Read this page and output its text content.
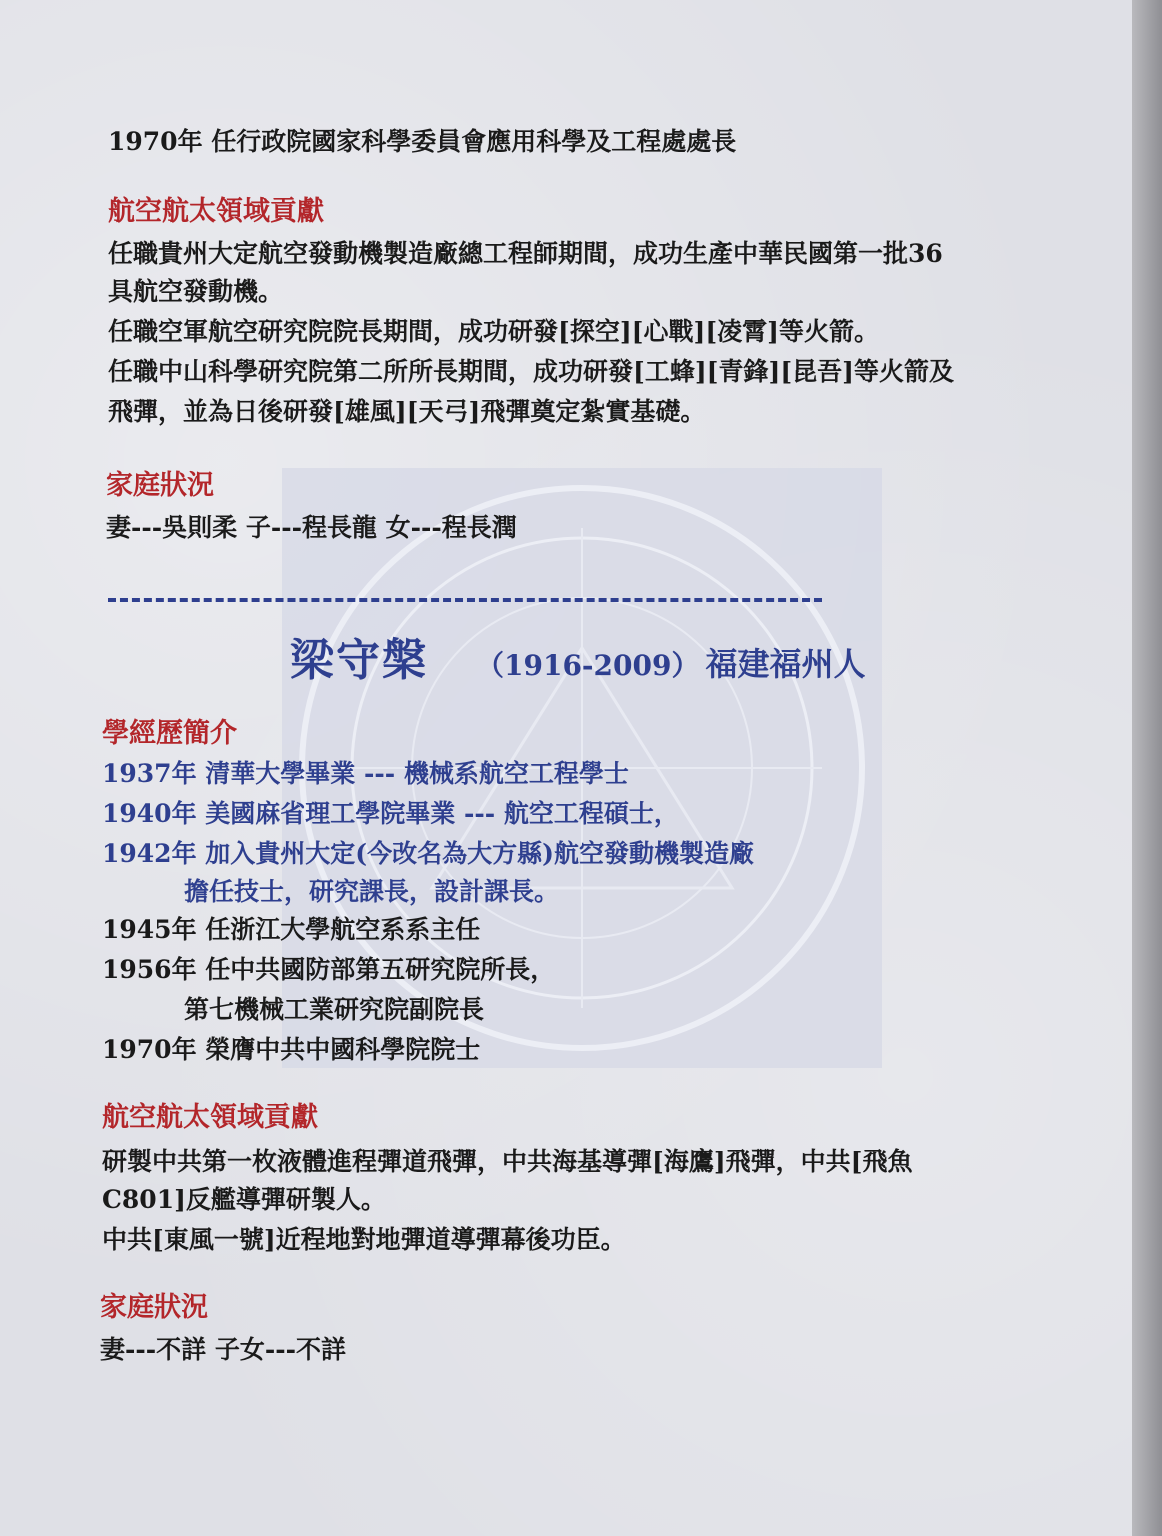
1970年 任行政院國家科學委員會應用科學及工程處處長
航空航太領域貢獻
任職貴州大定航空發動機製造廠總工程師期間，成功生產中華民國第一批36
具航空發動機。
任職空軍航空研究院院長期間，成功研發[探空][心戰][凌霄]等火箭。
任職中山科學研究院第二所所長期間，成功研發[工蜂][青鋒][昆吾]等火箭及
飛彈，並為日後研發[雄風][天弓]飛彈奠定紮實基礎。
家庭狀況
妻---吳則柔 子---程長龍 女---程長潤
梁守槃 （1916-2009） 福建福州人
學經歷簡介
1937年 清華大學畢業 --- 機械系航空工程學士
1940年 美國麻省理工學院畢業 --- 航空工程碩士，
1942年 加入貴州大定(今改名為大方縣)航空發動機製造廠
擔任技士，研究課長，設計課長。
1945年 任浙江大學航空系系主任
1956年 任中共國防部第五研究院所長，
第七機械工業研究院副院長
1970年 榮膺中共中國科學院院士
航空航太領域貢獻
研製中共第一枚液體進程彈道飛彈，中共海基導彈[海鷹]飛彈，中共[飛魚
C801]反艦導彈研製人。
中共[東風一號]近程地對地彈道導彈幕後功臣。
家庭狀況
妻---不詳 子女---不詳
